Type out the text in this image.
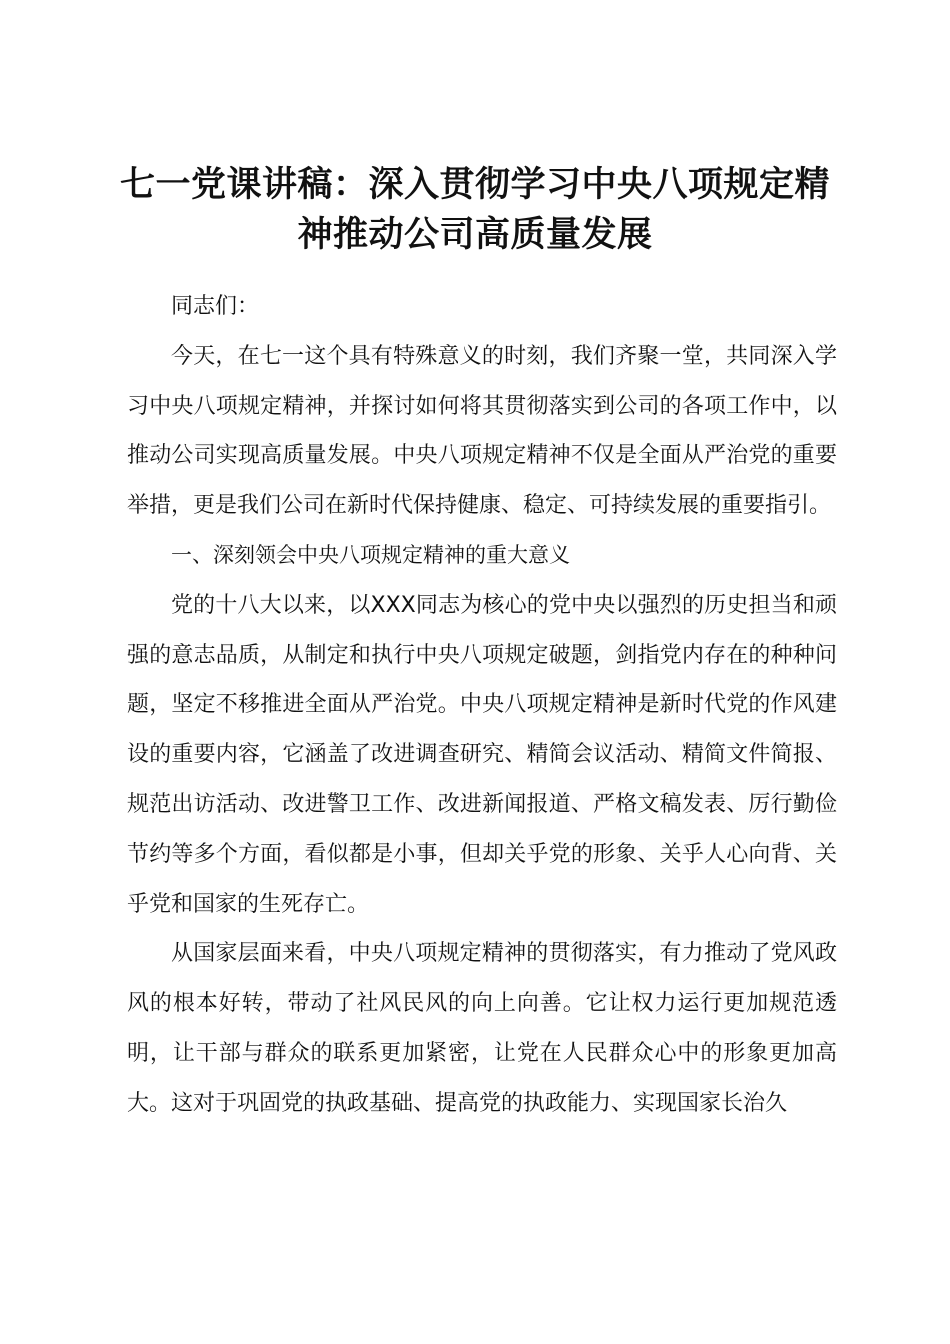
七一党课讲稿：深入贯彻学习中央八项规定精
神推动公司高质量发展

同志们：

今天，在七一这个具有特殊意义的时刻，我们齐聚一堂，共同深入学习中央八项规定精神，并探讨如何将其贯彻落实到公司的各项工作中，以推动公司实现高质量发展。中央八项规定精神不仅是全面从严治党的重要举措，更是我们公司在新时代保持健康、稳定、可持续发展的重要指引。

一、深刻领会中央八项规定精神的重大意义

党的十八大以来，以XXX同志为核心的党中央以强烈的历史担当和顽强的意志品质，从制定和执行中央八项规定破题，剑指党内存在的种种问题，坚定不移推进全面从严治党。中央八项规定精神是新时代党的作风建设的重要内容，它涵盖了改进调查研究、精简会议活动、精简文件简报、规范出访活动、改进警卫工作、改进新闻报道、严格文稿发表、厉行勤俭节约等多个方面，看似都是小事，但却关乎党的形象、关乎人心向背、关乎党和国家的生死存亡。

从国家层面来看，中央八项规定精神的贯彻落实，有力推动了党风政风的根本好转，带动了社风民风的向上向善。它让权力运行更加规范透明，让干部与群众的联系更加紧密，让党在人民群众心中的形象更加高大。这对于巩固党的执政基础、提高党的执政能力、实现国家长治久
